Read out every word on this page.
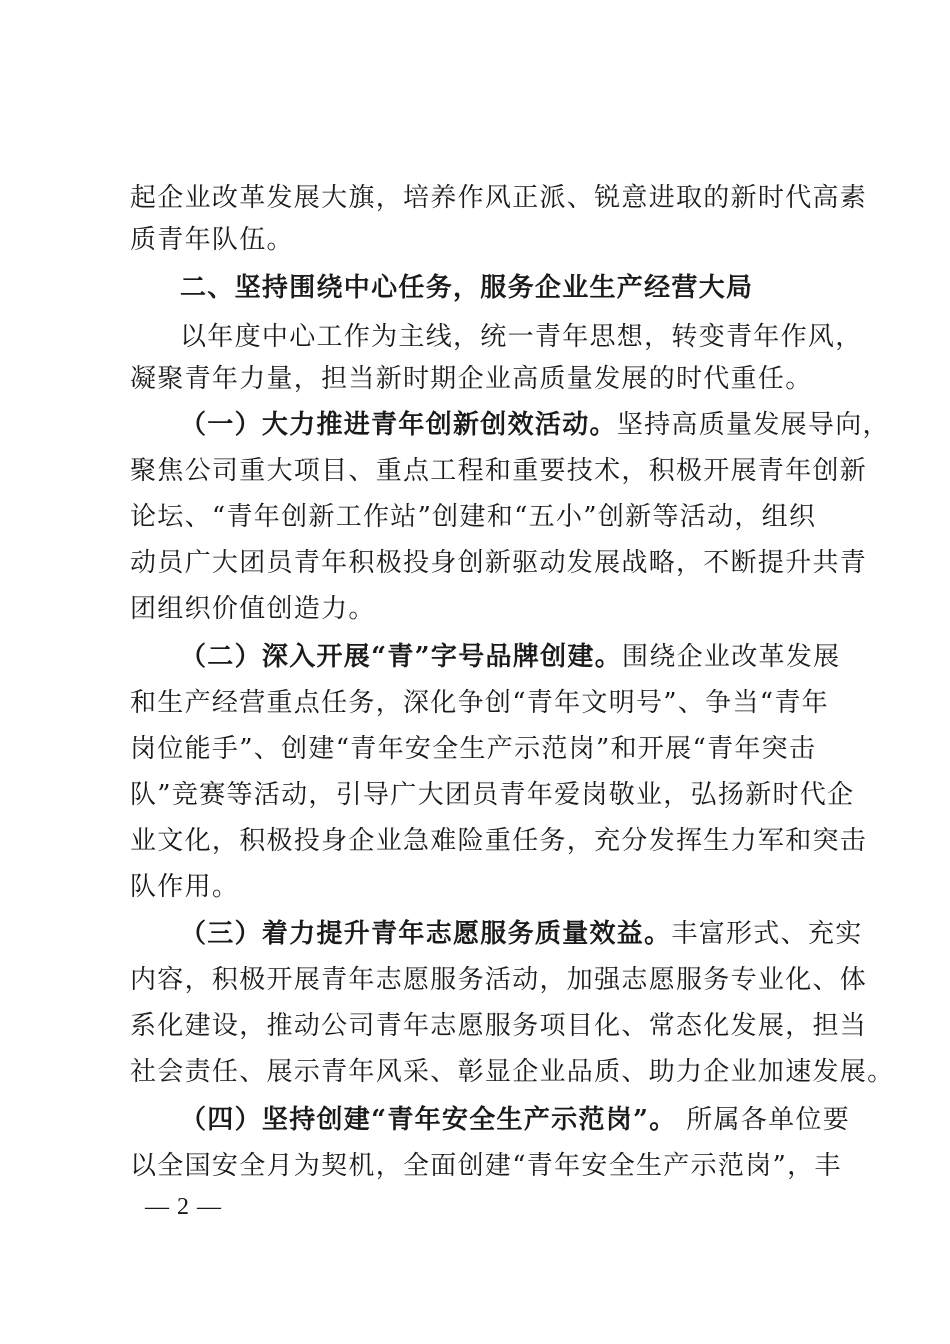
起企业改革发展大旗，培养作风正派、锐意进取的新时代高素
质青年队伍。
二、坚持围绕中心任务，服务企业生产经营大局
以年度中心工作为主线，统一青年思想，转变青年作风，
凝聚青年力量，担当新时期企业高质量发展的时代重任。
（一）大力推进青年创新创效活动。坚持高质量发展导向，
聚焦公司重大项目、重点工程和重要技术，积极开展青年创新
论坛、“青年创新工作站”创建和“五小”创新等活动，组织
动员广大团员青年积极投身创新驱动发展战略，不断提升共青
团组织价值创造力。
（二）深入开展“青”字号品牌创建。围绕企业改革发展
和生产经营重点任务，深化争创“青年文明号”、争当“青年
岗位能手”、创建“青年安全生产示范岗”和开展“青年突击
队”竞赛等活动，引导广大团员青年爱岗敬业，弘扬新时代企
业文化，积极投身企业急难险重任务，充分发挥生力军和突击
队作用。
（三）着力提升青年志愿服务质量效益。丰富形式、充实
内容，积极开展青年志愿服务活动，加强志愿服务专业化、体
系化建设，推动公司青年志愿服务项目化、常态化发展，担当
社会责任、展示青年风采、彰显企业品质、助力企业加速发展。
（四）坚持创建“青年安全生产示范岗”。 所属各单位要
以全国安全月为契机，全面创建“青年安全生产示范岗”，丰
— 2 —
